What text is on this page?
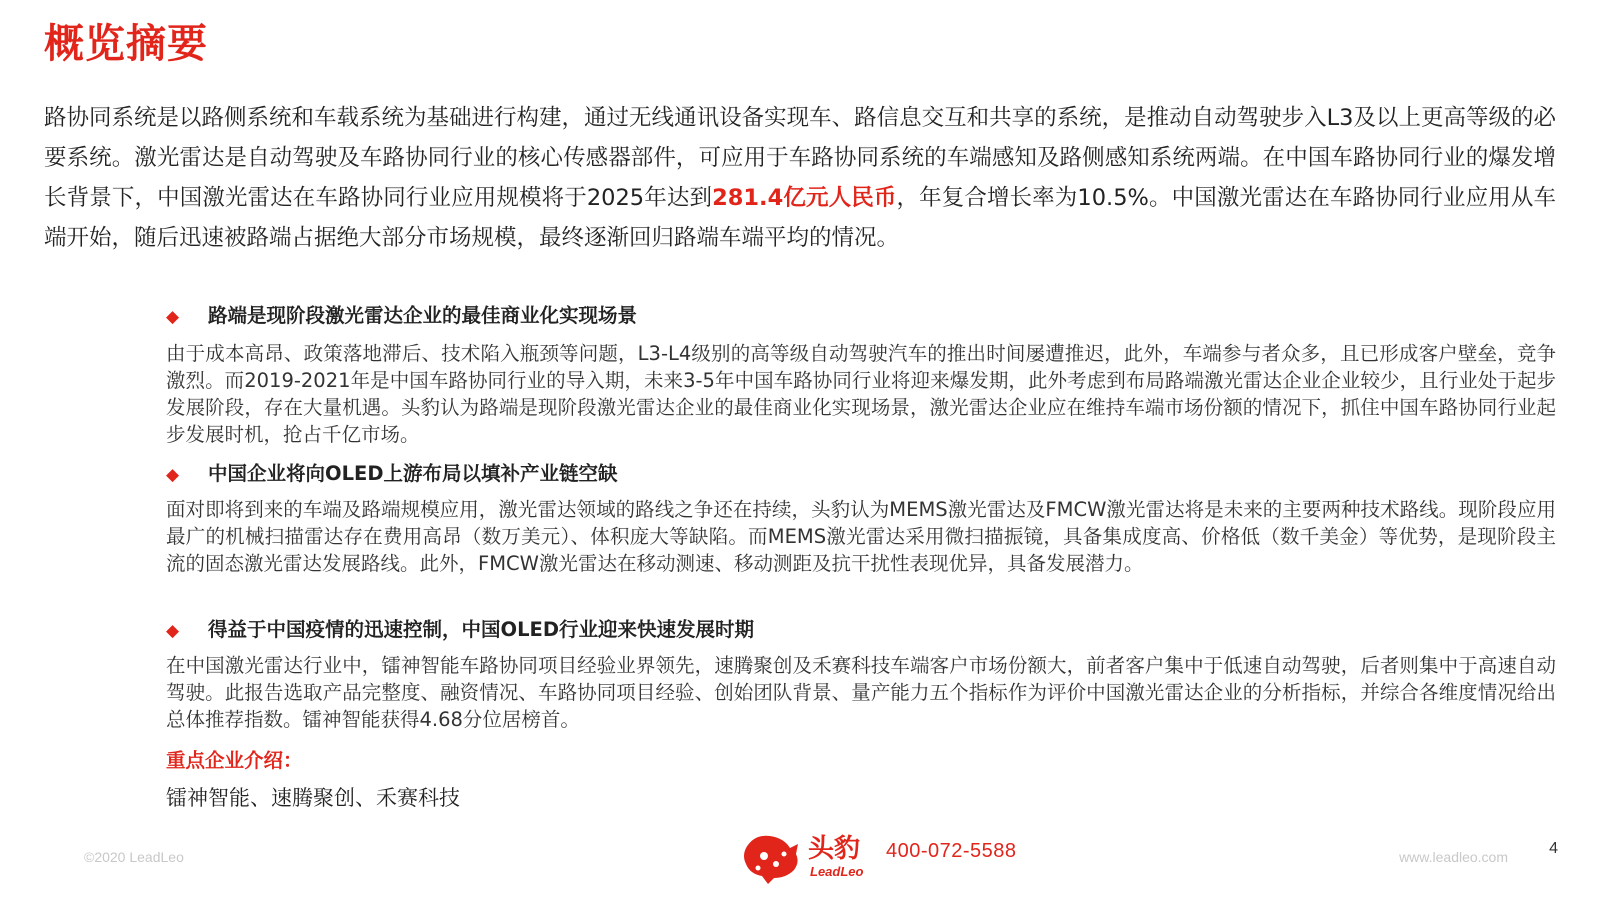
概览摘要

路协同系统是以路侧系统和车载系统为基础进行构建，通过无线通讯设备实现车、路信息交互和共享的系统，是推动自动驾驶步入L3及以上更高等级的必要系统。激光雷达是自动驾驶及车路协同行业的核心传感器部件，可应用于车路协同系统的车端感知及路侧感知系统两端。在中国车路协同行业的爆发增长背景下，中国激光雷达在车路协同行业应用规模将于2025年达到281.4亿元人民币，年复合增长率为10.5%。中国激光雷达在车路协同行业应用从车端开始，随后迅速被路端占据绝大部分市场规模，最终逐渐回归路端车端平均的情况。

◆ 路端是现阶段激光雷达企业的最佳商业化实现场景

由于成本高昂、政策落地滞后、技术陷入瓶颈等问题，L3-L4级别的高等级自动驾驶汽车的推出时间屡遭推迟，此外，车端参与者众多，且已形成客户壁垒，竞争激烈。而2019-2021年是中国车路协同行业的导入期，未来3-5年中国车路协同行业将迎来爆发期，此外考虑到布局路端激光雷达企业企业较少，且行业处于起步发展阶段，存在大量机遇。头豹认为路端是现阶段激光雷达企业的最佳商业化实现场景，激光雷达企业应在维持车端市场份额的情况下，抓住中国车路协同行业起步发展时机，抢占千亿市场。

◆ 中国企业将向OLED上游布局以填补产业链空缺

面对即将到来的车端及路端规模应用，激光雷达领域的路线之争还在持续，头豹认为MEMS激光雷达及FMCW激光雷达将是未来的主要两种技术路线。现阶段应用最广的机械扫描雷达存在费用高昂（数万美元）、体积庞大等缺陷。而MEMS激光雷达采用微扫描振镜，具备集成度高、价格低（数千美金）等优势，是现阶段主流的固态激光雷达发展路线。此外，FMCW激光雷达在移动测速、移动测距及抗干扰性表现优异，具备发展潜力。

◆ 得益于中国疫情的迅速控制，中国OLED行业迎来快速发展时期

在中国激光雷达行业中，镭神智能车路协同项目经验业界领先，速腾聚创及禾赛科技车端客户市场份额大，前者客户集中于低速自动驾驶，后者则集中于高速自动驾驶。此报告选取产品完整度、融资情况、车路协同项目经验、创始团队背景、量产能力五个指标作为评价中国激光雷达企业的分析指标，并综合各维度情况给出总体推荐指数。镭神智能获得4.68分位居榜首。

重点企业介绍：
镭神智能、速腾聚创、禾赛科技
©2020 LeadLeo	头豹
LeadLeo
400-072-5588	www.leadleo.com	4
